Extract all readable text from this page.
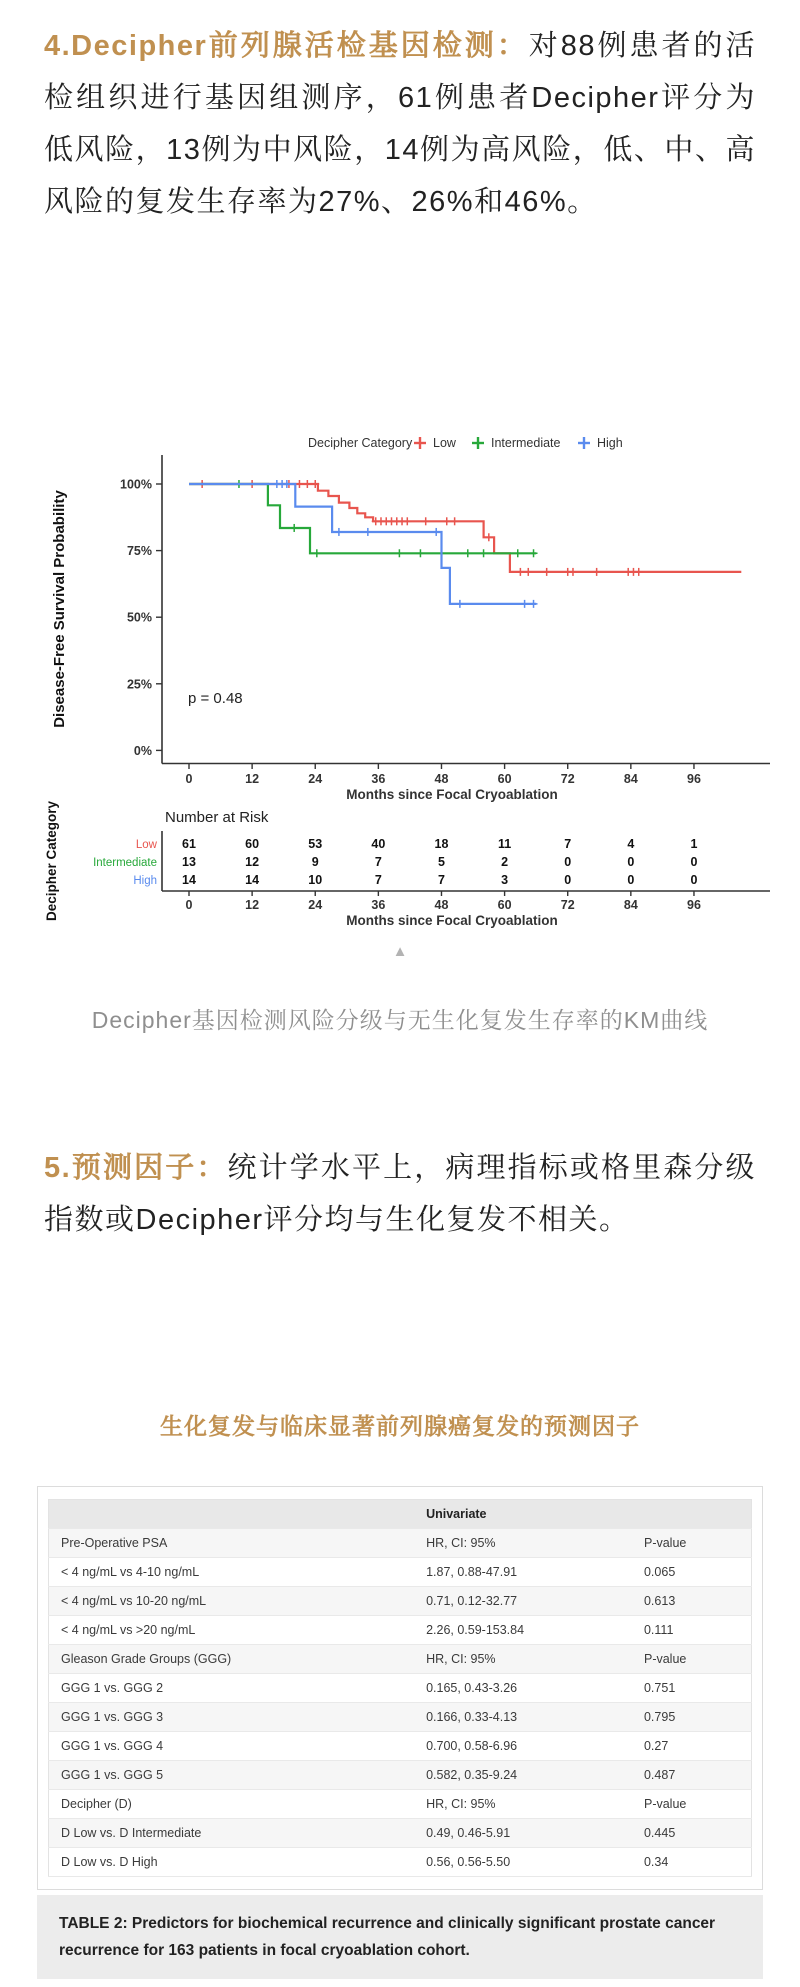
4.Decipher前列腺活检基因检测：对88例患者的活检组织进行基因组测序，61例患者Decipher评分为低风险，13例为中风险，14例为高风险，低、中、高风险的复发生存率为27%、26%和46%。

Decipher Category Low	Intermediate	High
100%
75%
50%
25%
0%
0	12	24	36	48	60	72	84	96
Months since Focal Cryoablation
Disease-Free Survival Probability	p = 0.48
Number at Risk
Low 61	60	53	40	18	11	7	4	1
Intermediate 13	12	9	7	5	2	0	0	0
High 14	14	10	7	7	3	0	0	0
0	12	24	36	48	60	72	84	96
Months since Focal Cryoablation
Decipher Category
▲
Decipher基因检测风险分级与无生化复发生存率的KM曲线

5.预测因子：统计学水平上，病理指标或格里森分级指数或Decipher评分均与生化复发不相关。

生化复发与临床显著前列腺癌复发的预测因子
	Univariate	
Pre-Operative PSA	HR, CI: 95%	P-value
< 4 ng/mL vs 4-10 ng/mL	1.87, 0.88-47.91	0.065
< 4 ng/mL vs 10-20 ng/mL	0.71, 0.12-32.77	0.613
< 4 ng/mL vs >20 ng/mL	2.26, 0.59-153.84	0.111
Gleason Grade Groups (GGG)	HR, CI: 95%	P-value
GGG 1 vs. GGG 2	0.165, 0.43-3.26	0.751
GGG 1 vs. GGG 3	0.166, 0.33-4.13	0.795
GGG 1 vs. GGG 4	0.700, 0.58-6.96	0.27
GGG 1 vs. GGG 5	0.582, 0.35-9.24	0.487
Decipher (D)	HR, CI: 95%	P-value
D Low vs. D Intermediate	0.49, 0.46-5.91	0.445
D Low vs. D High	0.56, 0.56-5.50	0.34
TABLE 2: Predictors for biochemical recurrence and clinically significant prostate cancer recurrence for 163 patients in focal cryoablation cohort.
